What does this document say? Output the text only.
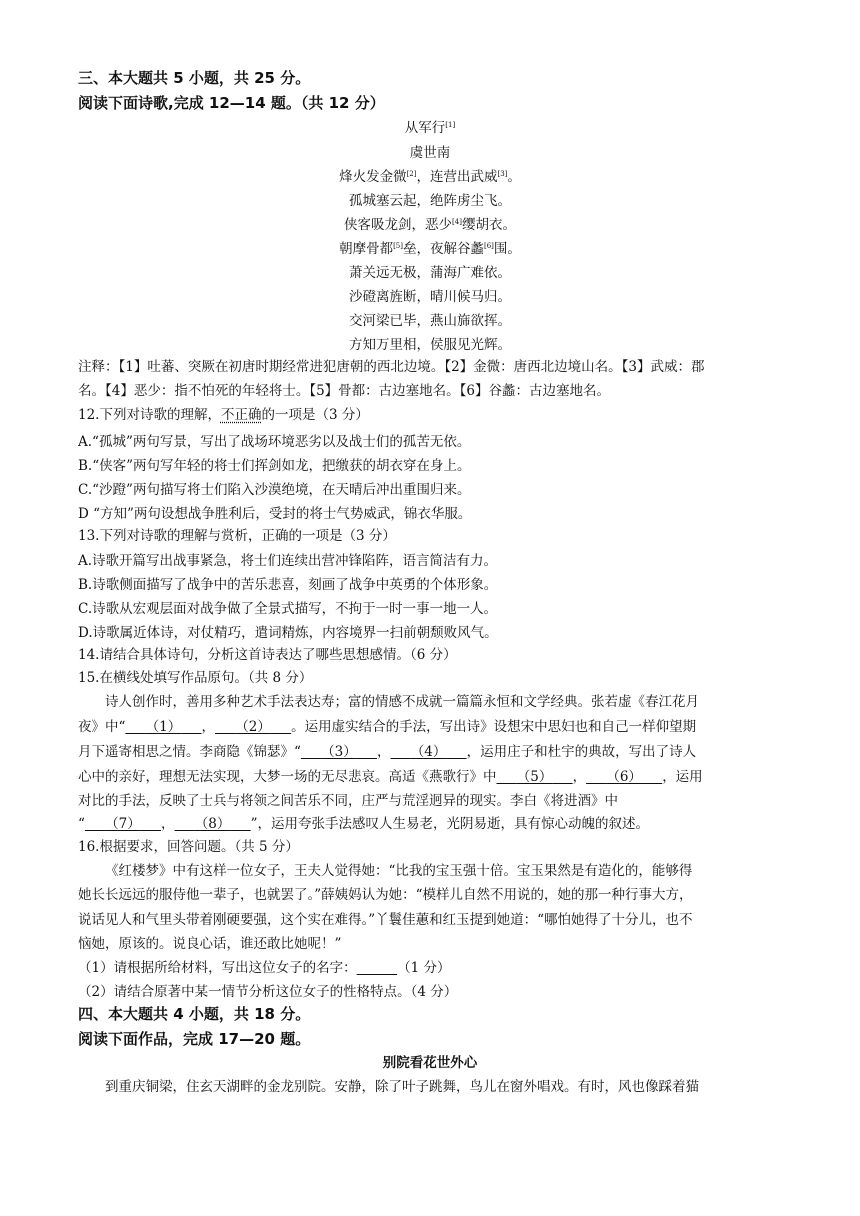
三、本大题共 5 小题，共 25 分。
阅读下面诗歌,完成 12—14 题。（共 12 分）
从军行[1]
虞世南
烽火发金微[2]，连营出武威[3]。
孤城塞云起，绝阵虏尘飞。
侠客吸龙剑，恶少[4]缨胡衣。
朝摩骨都[5]垒，夜解谷蠡[6]围。
萧关远无极，蒲海广难依。
沙磴离旌断，晴川候马归。
交河梁已毕，燕山旆欲挥。
方知万里相，侯服见光辉。
注释：【1】吐蕃、突厥在初唐时期经常进犯唐朝的西北边境。【2】金微：唐西北边境山名。【3】武威：郡
名。【4】恶少：指不怕死的年轻将士。【5】骨都：古边塞地名。【6】谷蠡：古边塞地名。
12.下列对诗歌的理解，不正确的一项是（3 分）
A.“孤城”两句写景，写出了战场环境恶劣以及战士们的孤苦无依。
B.“侠客”两句写年轻的将士们挥剑如龙，把缴获的胡衣穿在身上。
C.“沙蹬”两句描写将士们陷入沙漠绝境，在天晴后冲出重围归来。
D “方知”两句设想战争胜利后，受封的将士气势威武，锦衣华服。
13.下列对诗歌的理解与赏析，正确的一项是（3 分）
A.诗歌开篇写出战事紧急，将士们连续出营冲锋陷阵，语言简洁有力。
B.诗歌侧面描写了战争中的苦乐悲喜，刻画了战争中英勇的个体形象。
C.诗歌从宏观层面对战争做了全景式描写，不拘于一时一事一地一人。
D.诗歌属近体诗，对仗精巧，遣词精炼，内容境界一扫前朝颓败风气。
14.请结合具体诗句，分析这首诗表达了哪些思想感情。（6 分）
15.在横线处填写作品原句。（共 8 分）
诗人创作时，善用多种艺术手法表达寿；富的情感不成就一篇篇永恒和文学经典。张若虚《春江花月
夜》中“    （1）    ，    （2）    。运用虚实结合的手法，写出诗》设想宋中思妇也和自己一样仰望期
月下遥寄相思之情。李商隐《锦瑟》“    （3）    ，    （4）    ，运用庄子和杜宇的典故，写出了诗人
心中的亲好，理想无法实现，大梦一场的无尽悲哀。高适《燕歌行》中    （5）    ，    （6）    ，运用
对比的手法，反映了士兵与将领之间苦乐不同，庄严与荒淫迥异的现实。李白《将进酒》中
“    （7）    ，    （8）    ”，运用夸张手法感叹人生易老，光阴易逝，具有惊心动魄的叙述。
16.根据要求，回答问题。（共 5 分）
《红楼梦》中有这样一位女子，王夫人觉得她：“比我的宝玉强十倍。宝玉果然是有造化的，能够得
她长长远远的服侍他一辈子，也就罢了。”薛姨妈认为她：“模样儿自然不用说的，她的那一种行事大方，
说话见人和气里头带着刚硬要强，这个实在难得。”丫鬟佳蕙和红玉提到她道：“哪怕她得了十分儿，也不
恼她，原该的。说良心话，谁还敢比她呢！”
（1）请根据所给材料，写出这位女子的名字：   	（1 分）
（2）请结合原著中某一情节分析这位女子的性格特点。（4 分）
四、本大题共 4 小题，共 18 分。
阅读下面作品，完成 17—20 题。
别院看花世外心
到重庆铜梁，住玄天湖畔的金龙别院。安静，除了叶子跳舞，鸟儿在窗外唱戏。有时，风也像踩着猫
